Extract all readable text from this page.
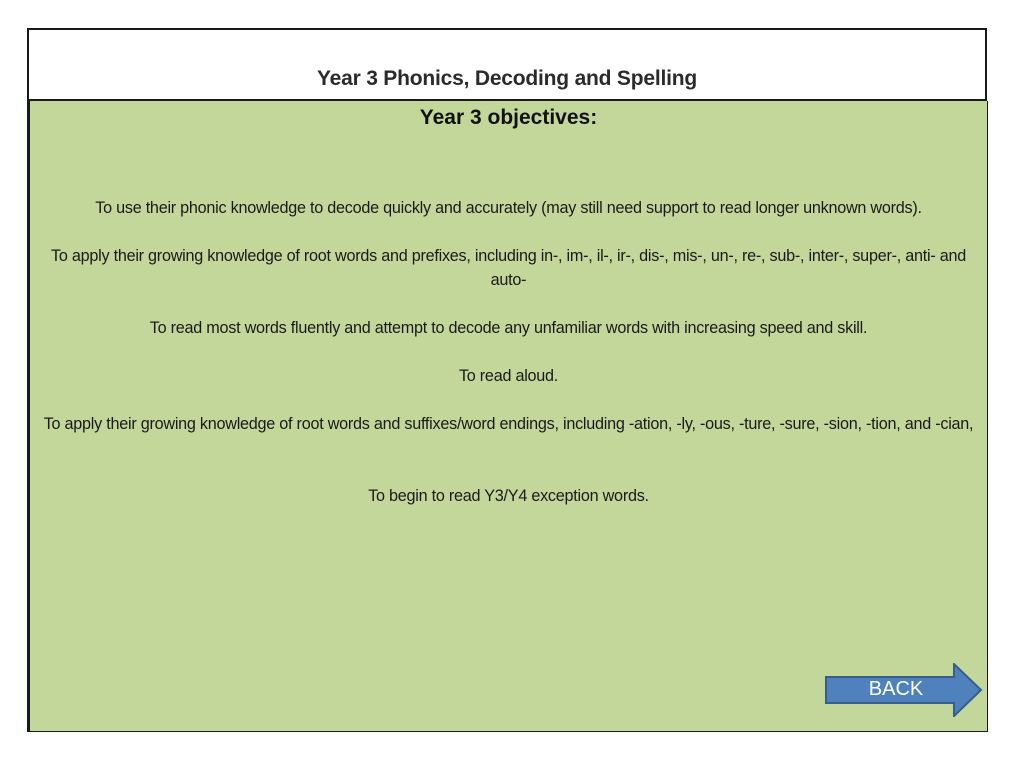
Year 3 Phonics, Decoding and Spelling
Year 3 objectives:
To use their phonic knowledge to decode quickly and accurately (may still need support to read longer unknown words).
To apply their growing knowledge of root words and prefixes, including in-, im-, il-, ir-, dis-, mis-, un-, re-, sub-, inter-, super-, anti- and auto-
To read most words fluently and attempt to decode any unfamiliar words with increasing speed and skill.
To read aloud.
To apply their growing knowledge of root words and suffixes/word endings, including -ation, -ly, -ous, -ture, -sure, -sion, -tion, and -cian,
To begin to read Y3/Y4 exception words.
BACK
